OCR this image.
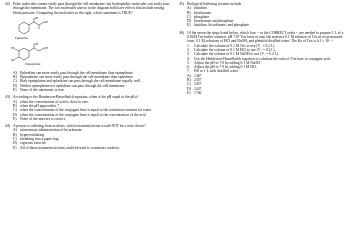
42) Polar molecules cannot easily pass through the cell membrane, but hydrophobic molecules can easily pass through the membrane. The two molecules shown in the diagram both have effects that include raising blood pressure. Comparing the molecules to the right, which statement is TRUE?
OH
NH
Ephedrine
HO
HO
OH
NH
Epinephrine
A) Ephedrine can more easily pass through the cell membrane than epinephrine.
B) Epinephrine can more easily pass through the cell membrane than ephedrine.
C) Both epinephrine and ephedrine can pass through the cell membrane equally well.
D) Neither epinephrine nor ephedrine can pass through the cell membrane.
E) None of the statements is true.
43) According to the Henderson-Hasselbalch equation, when is the pH equal to the pKa?
A) when the concentration of acid is close to zero
B) when the pH approaches 7
C) when the concentration of the conjugate base is equal to the ionization constant for water
D) when the concentration of the conjugate base is equal to the concentration of the acid
E) None of the answers is correct.
44) A person is suffering from acidosis, which treatment/action would NOT be a wise choice?
A) intravenous administration of bicarbonate
B) hyperventilating
C) breathing into a paper bag
D) vigorous exercise
E) All of these treatments/actions could be used to counteract acidosis.
45) Biological buffering systems include
A) histidine.
B) bicarbonate.
C) phosphate.
D) bicarbonate and phosphate.
E) histidine, bicarbonate, and phosphate.
46) Of the seven the steps listed below, which four -- in the CORRECT order -- are needed to prepare 1 L of a 0.02M Tris buffer solution, pH 7.8? You have at your lab station a 0.1 M solution of Tris in its protonated form, 0.1 M solutions of HCl and NaOH, and plentiful distilled water. The Ka of Tris is 6.3 × 10⁻⁹.
1.	Calculate the volume of 0.1 M Tris to use (V₁ = 0.2 L).
2.	Calculate the volume of 0.1 M HCl to use (V₁ = 0.2 L).
3.	Calculate the volume of 0.1 M NaOH to use (V₁ = 0.2 L).
4.	Use the Henderson-Hasselbalch equation to calculate the ratio of Tris base to conjugate acid.
5.	Adjust the pH to 7.8 by adding 0.1 M NaOH.
6.	Adjust the pH to 7.8 by adding 0.1 M HCl.
7.	Fill to 1 L with distilled water.
A) 1467
B) 2457
C) 3457
D) 1247
E) 1746
